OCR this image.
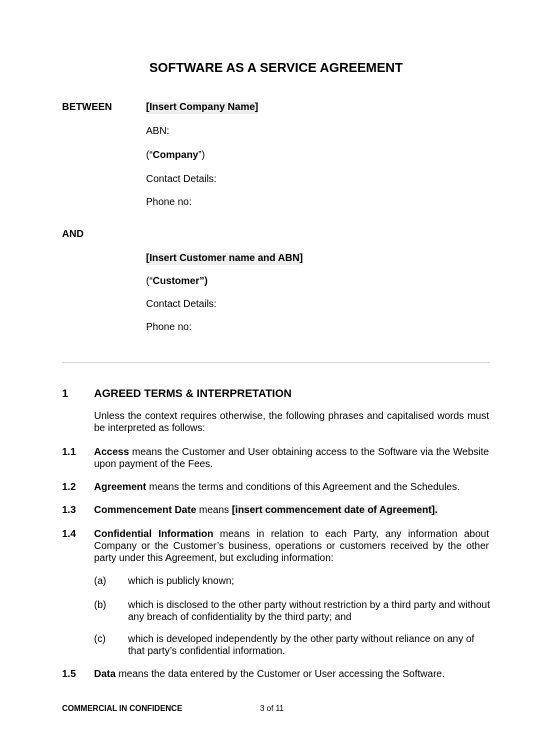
SOFTWARE AS A SERVICE AGREEMENT
BETWEEN	[Insert Company Name]
ABN:
(“Company”)
Contact Details:
Phone no:
AND
[Insert Customer name and ABN]
(“Customer”)
Contact Details:
Phone no:
1 AGREED TERMS & INTERPRETATION
Unless the context requires otherwise, the following phrases and capitalised words must be interpreted as follows:
1.1 Access means the Customer and User obtaining access to the Software via the Website upon payment of the Fees.
1.2 Agreement means the terms and conditions of this Agreement and the Schedules.
1.3 Commencement Date means [insert commencement date of Agreement].
1.4 Confidential Information means in relation to each Party, any information about Company or the Customer’s business, operations or customers received by the other party under this Agreement, but excluding information:
(a) which is publicly known;
(b) which is disclosed to the other party without restriction by a third party and without any breach of confidentiality by the third party; and
(c) which is developed independently by the other party without reliance on any of that party’s confidential information.
1.5 Data means the data entered by the Customer or User accessing the Software.
COMMERCIAL IN CONFIDENCE	3 of 11
